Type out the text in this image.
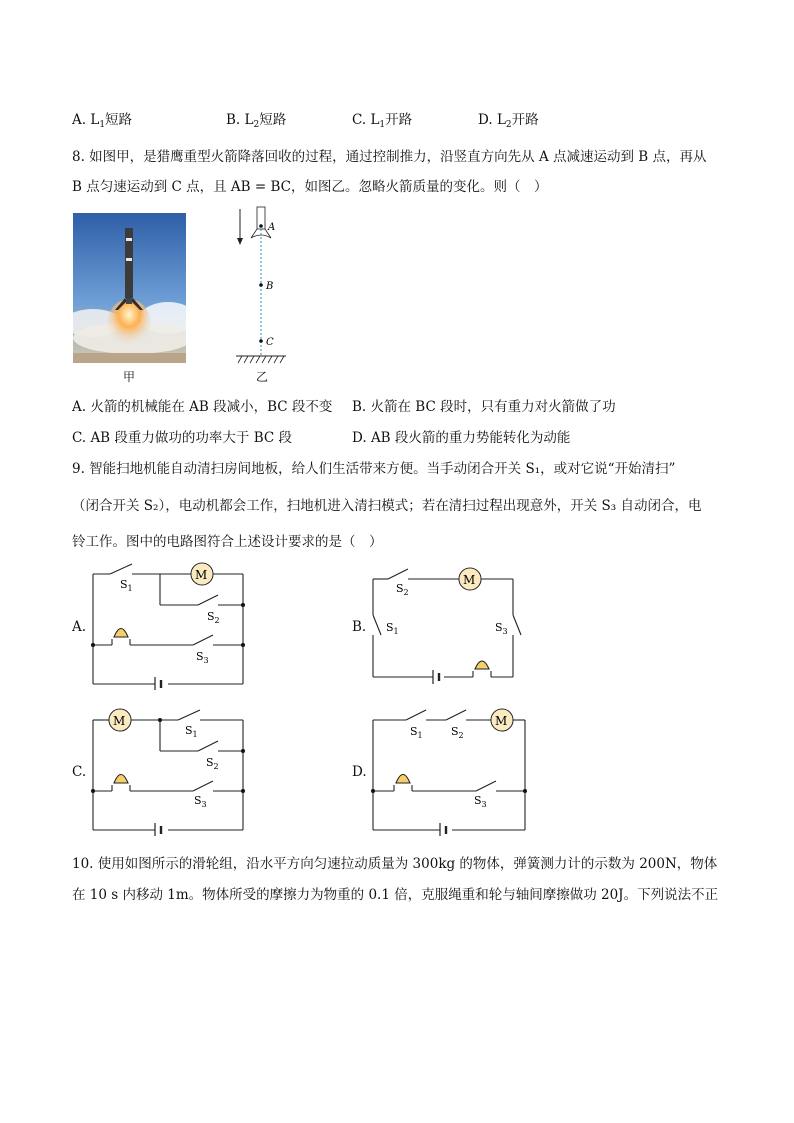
A. $L_1$短路	B. $L_2$短路	C. $L_1$开路	D. $L_2$开路
8. 如图甲，是猎鹰重型火箭降落回收的过程，通过控制推力，沿竖直方向先从 A 点减速运动到 B 点，再从
B 点匀速运动到 C 点，且 AB = BC，如图乙。忽略火箭质量的变化。则（　）
甲
A
B
C
乙
A. 火箭的机械能在 AB 段减小，BC 段不变 B. 火箭在 BC 段时，只有重力对火箭做了功
C. AB 段重力做功的功率大于 BC 段	D. AB 段火箭的重力势能转化为动能
9. 智能扫地机能自动清扫房间地板，给人们生活带来方便。当手动闭合开关 S₁，或对它说“开始清扫”
（闭合开关 S₂），电动机都会工作，扫地机进入清扫模式；若在清扫过程出现意外，开关 S₃ 自动闭合，电
铃工作。图中的电路图符合上述设计要求的是（　）
A.
M
$S_1$
$S_2$
$S_3$
B.
M
$S_2$
$S_1$	$S_3$
C.
M
$S_1$
$S_2$
$S_3$
D.
M
$S_1$	$S_2$
$S_3$
10. 使用如图所示的滑轮组，沿水平方向匀速拉动质量为 300kg 的物体，弹簧测力计的示数为 200N，物体
在 10 s 内移动 1m。物体所受的摩擦力为物重的 0.1 倍，克服绳重和轮与轴间摩擦做功 20J。下列说法不正
